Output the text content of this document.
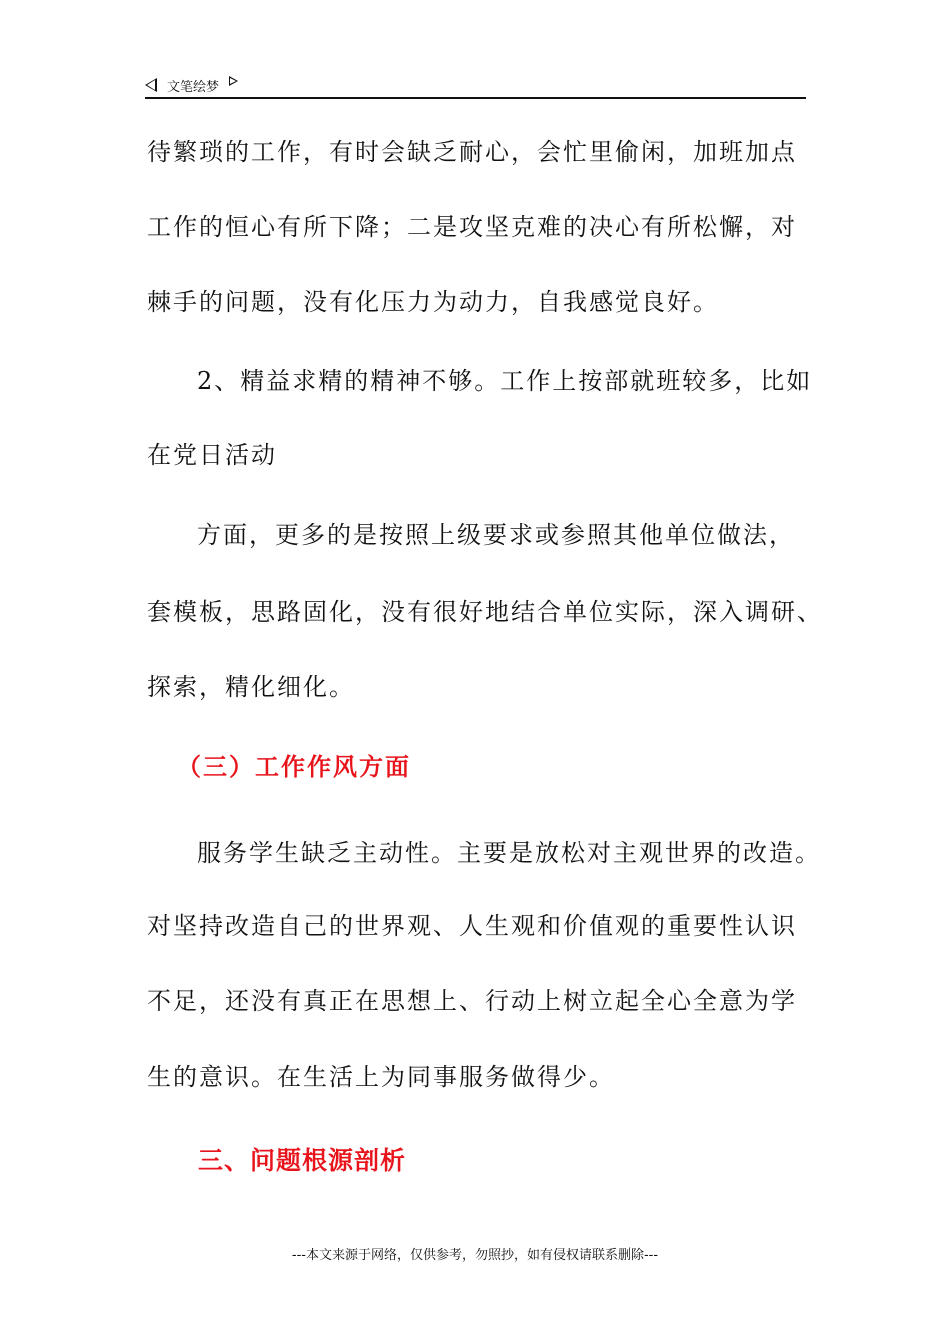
文笔绘梦
待繁琐的工作，有时会缺乏耐心，会忙里偷闲，加班加点
工作的恒心有所下降；二是攻坚克难的决心有所松懈，对
棘手的问题，没有化压力为动力，自我感觉良好。
2、精益求精的精神不够。工作上按部就班较多，比如
在党日活动
方面，更多的是按照上级要求或参照其他单位做法，
套模板，思路固化，没有很好地结合单位实际，深入调研、
探索，精化细化。
（三）工作作风方面
服务学生缺乏主动性。主要是放松对主观世界的改造。
对坚持改造自己的世界观、人生观和价值观的重要性认识
不足，还没有真正在思想上、行动上树立起全心全意为学
生的意识。在生活上为同事服务做得少。
三、问题根源剖析
---本文来源于网络，仅供参考，勿照抄，如有侵权请联系删除---
